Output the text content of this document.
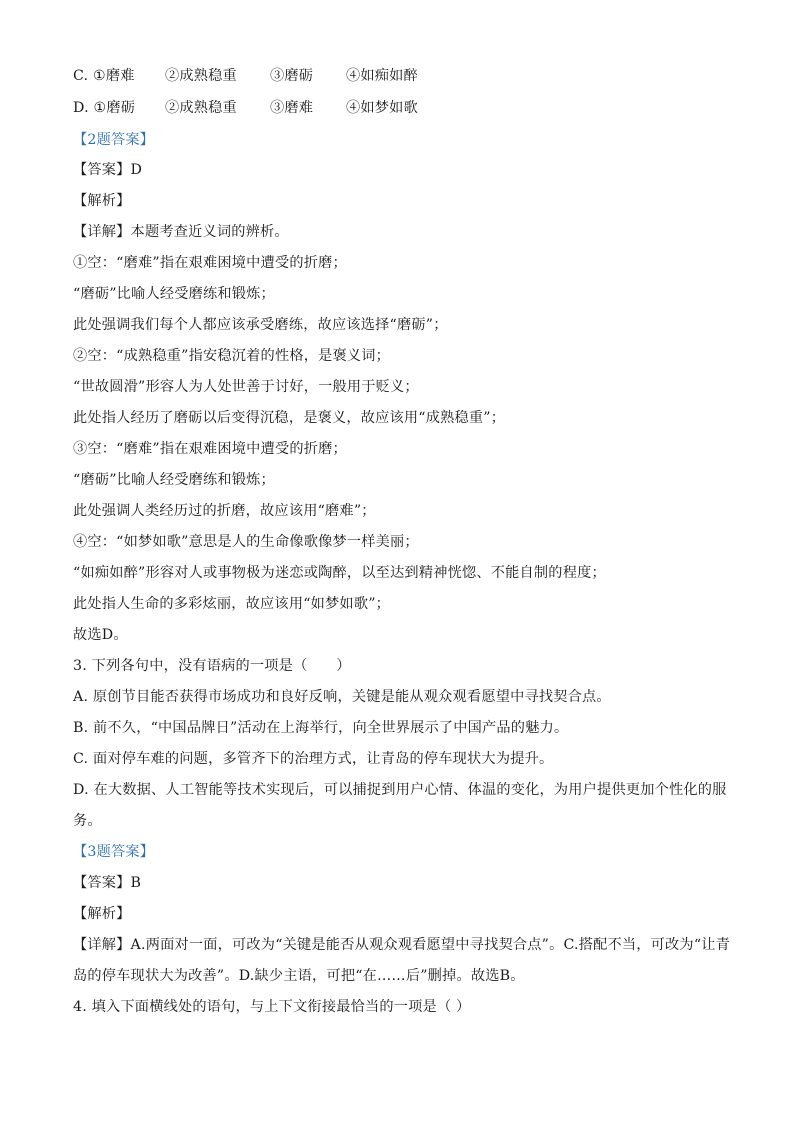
C. ①磨难 ②成熟稳重 ③磨砺 ④如痴如醉
D. ①磨砺 ②成熟稳重 ③磨难 ④如梦如歌
【2题答案】
【答案】D
【解析】
【详解】本题考查近义词的辨析。
①空：“磨难”指在艰难困境中遭受的折磨；
“磨砺”比喻人经受磨练和锻炼；
此处强调我们每个人都应该承受磨练，故应该选择“磨砺”；
②空：“成熟稳重”指安稳沉着的性格，是褒义词；
“世故圆滑”形容人为人处世善于讨好，一般用于贬义；
此处指人经历了磨砺以后变得沉稳，是褒义，故应该用“成熟稳重”；
③空：“磨难”指在艰难困境中遭受的折磨；
“磨砺”比喻人经受磨练和锻炼；
此处强调人类经历过的折磨，故应该用“磨难”；
④空：“如梦如歌”意思是人的生命像歌像梦一样美丽；
“如痴如醉”形容对人或事物极为迷恋或陶醉，以至达到精神恍惚、不能自制的程度；
此处指人生命的多彩炫丽，故应该用“如梦如歌”；
故选D。
3. 下列各句中，没有语病的一项是（　　）
A. 原创节目能否获得市场成功和良好反响，关键是能从观众观看愿望中寻找契合点。
B. 前不久，“中国品牌日”活动在上海举行，向全世界展示了中国产品的魅力。
C. 面对停车难的问题，多管齐下的治理方式，让青岛的停车现状大为提升。
D. 在大数据、人工智能等技术实现后，可以捕捉到用户心情、体温的变化，为用户提供更加个性化的服
务。
【3题答案】
【答案】B
【解析】
【详解】A.两面对一面，可改为“关键是能否从观众观看愿望中寻找契合点”。C.搭配不当，可改为“让青
岛的停车现状大为改善”。D.缺少主语，可把“在……后”删掉。故选B。
4. 填入下面横线处的语句，与上下文衔接最恰当的一项是（ ）
